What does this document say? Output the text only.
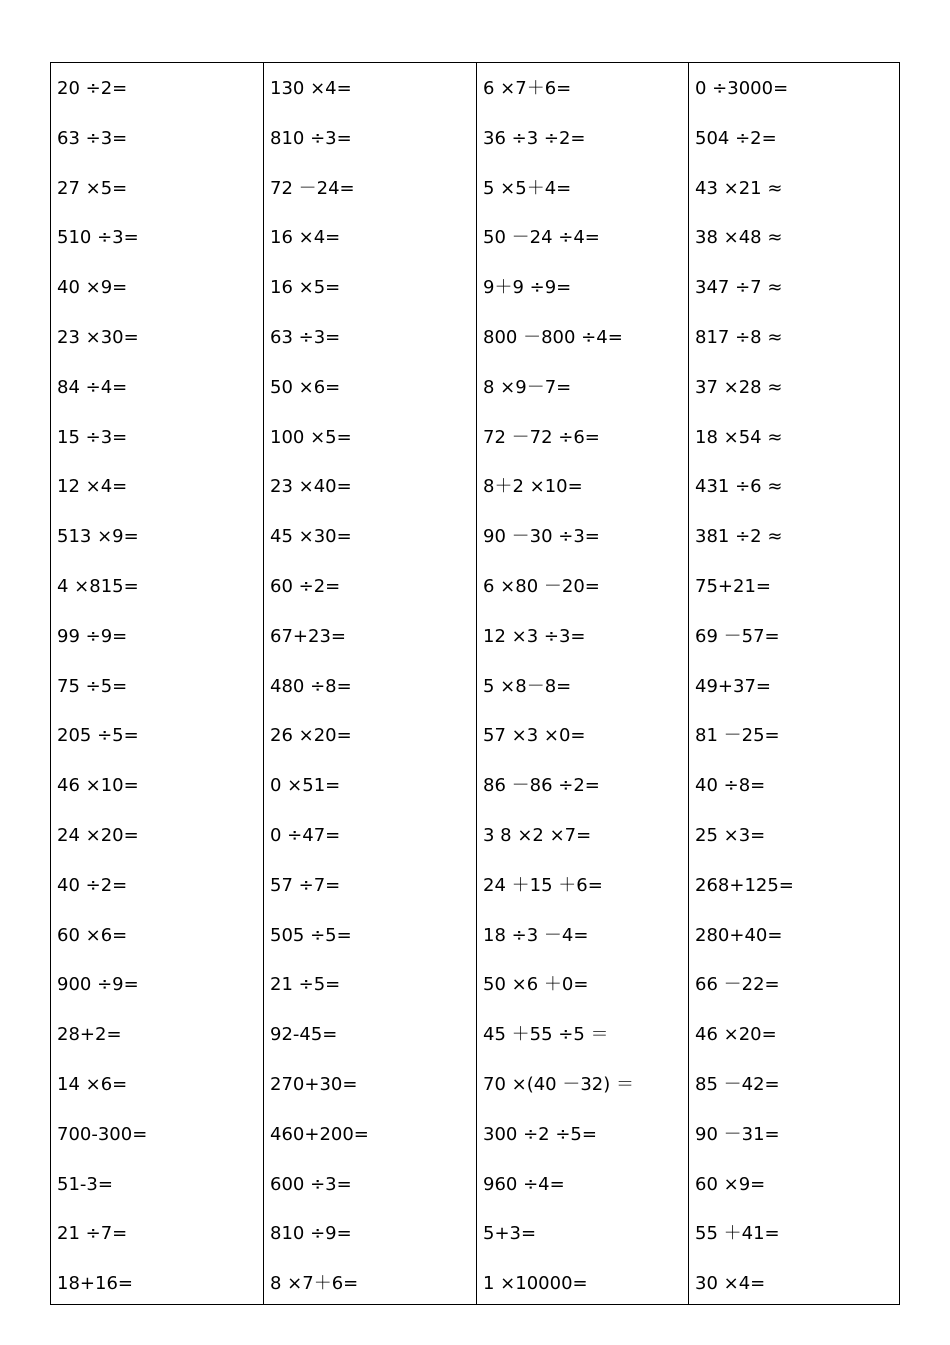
20 ÷2=
63 ÷3=
27 ×5=
510 ÷3=
40 ×9=
23 ×30=
84 ÷4=
15 ÷3=
12 ×4=
513 ×9=
4 ×815=
99 ÷9=
75 ÷5=
205 ÷5=
46 ×10=
24 ×20=
40 ÷2=
60 ×6=
900 ÷9=
28+2=
14 ×6=
700-300=
51-3=
21 ÷7=
18+16=
130 ×4=
810 ÷3=
72 －24=
16 ×4=
16 ×5=
63 ÷3=
50 ×6=
100 ×5=
23 ×40=
45 ×30=
60 ÷2=
67+23=
480 ÷8=
26 ×20=
0 ×51=
0 ÷47=
57 ÷7=
505 ÷5=
21 ÷5=
92-45=
270+30=
460+200=
600 ÷3=
810 ÷9=
8 ×7＋6=
6 ×7＋6=
36 ÷3 ÷2=
5 ×5＋4=
50 －24 ÷4=
9＋9 ÷9=
800 －800 ÷4=
8 ×9－7=
72 －72 ÷6=
8＋2 ×10=
90 －30 ÷3=
6 ×80 －20=
12 ×3 ÷3=
5 ×8－8=
57 ×3 ×0=
86 －86 ÷2=
3 8 ×2 ×7=
24 ＋15 ＋6=
18 ÷3 －4=
50 ×6 ＋0=
45 ＋55 ÷5 ＝
70 ×(40 －32) ＝
300 ÷2 ÷5=
960 ÷4=
5+3=
1 ×10000=
0 ÷3000=
504 ÷2=
43 ×21 ≈
38 ×48 ≈
347 ÷7 ≈
817 ÷8 ≈
37 ×28 ≈
18 ×54 ≈
431 ÷6 ≈
381 ÷2 ≈
75+21=
69 －57=
49+37=
81 －25=
40 ÷8=
25 ×3=
268+125=
280+40=
66 －22=
46 ×20=
85 －42=
90 －31=
60 ×9=
55 ＋41=
30 ×4=
